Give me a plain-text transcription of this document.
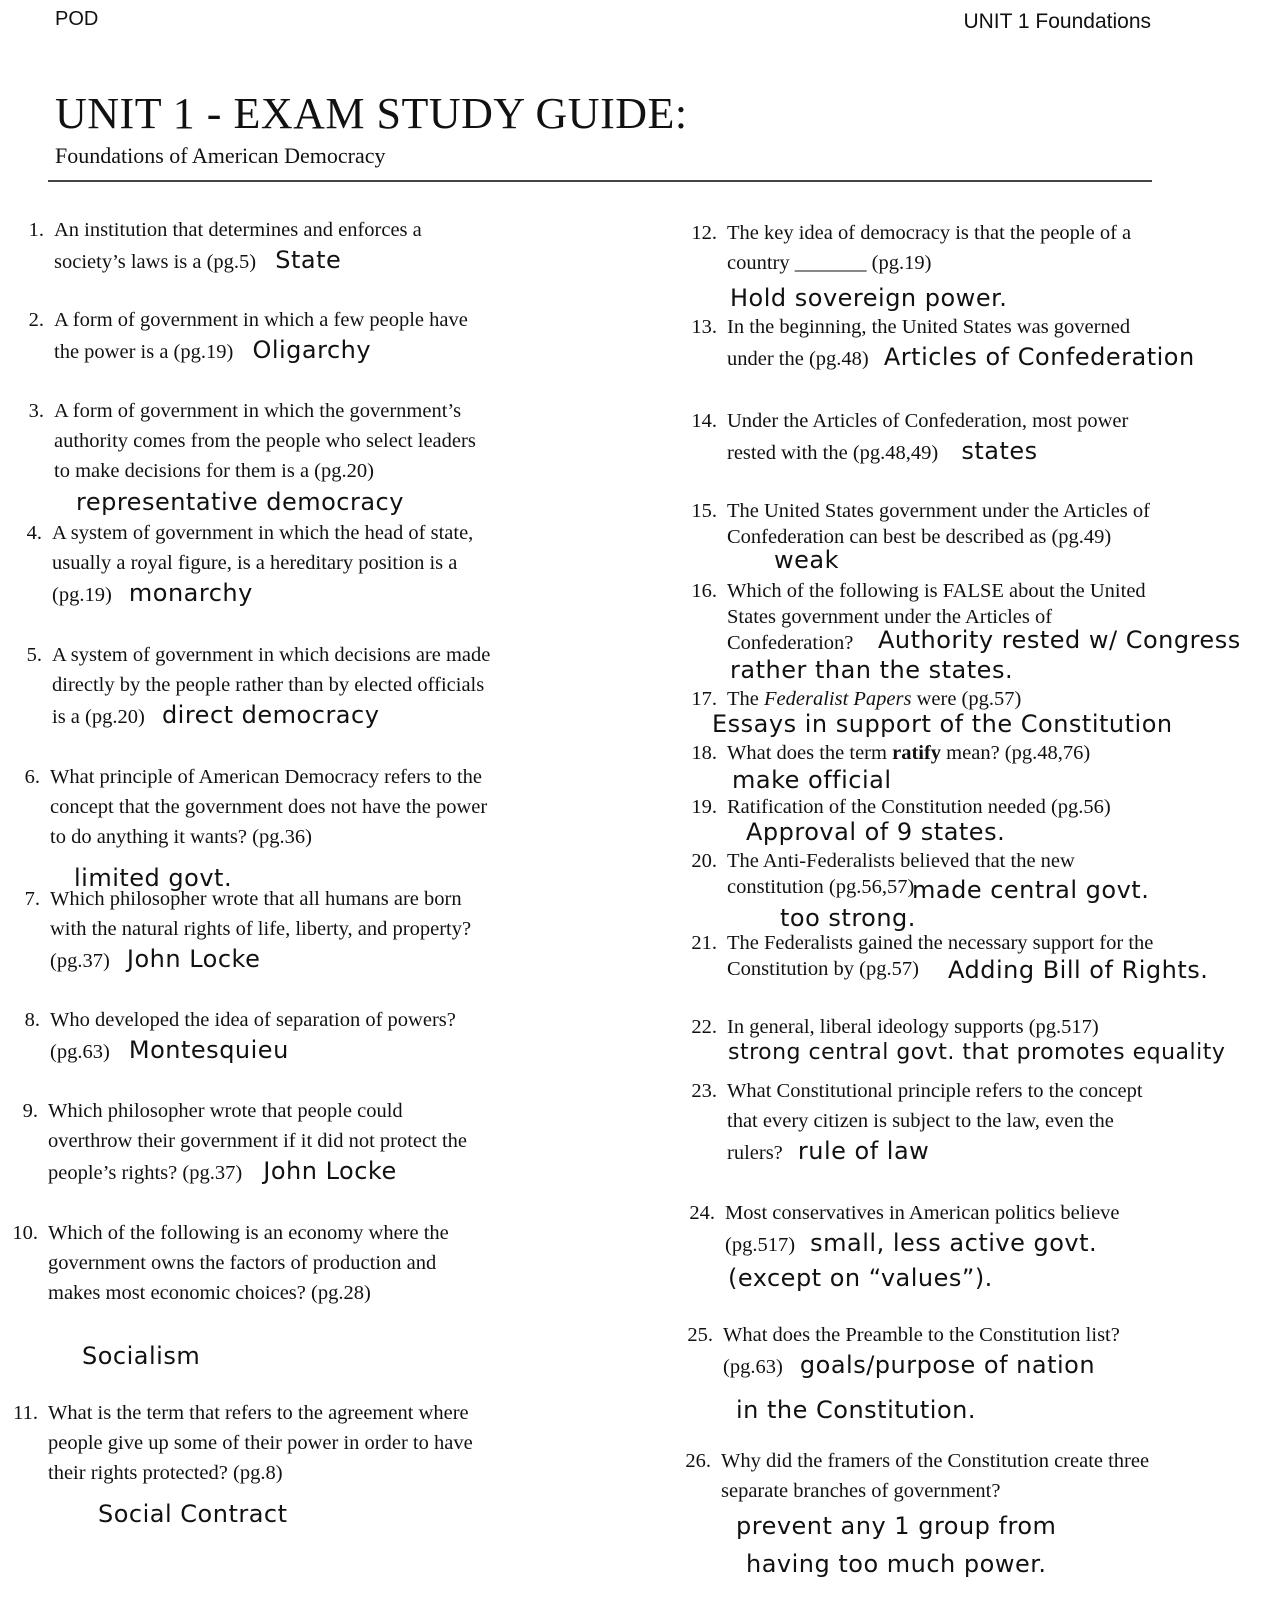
POD	UNIT 1 Foundations
UNIT 1 - EXAM STUDY GUIDE:
Foundations of American Democracy
1. An institution that determines and enforces a
society’s laws is a (pg.5) State
2. A form of government in which a few people have
the power is a (pg.19) Oligarchy
3. A form of government in which the government’s
authority comes from the people who select leaders
to make decisions for them is a (pg.20)
representative democracy
4. A system of government in which the head of state,
usually a royal figure, is a hereditary position is a
(pg.19) monarchy
5. A system of government in which decisions are made
directly by the people rather than by elected officials
is a (pg.20) direct democracy
6. What principle of American Democracy refers to the
concept that the government does not have the power
to do anything it wants? (pg.36)
limited govt.
7. Which philosopher wrote that all humans are born
with the natural rights of life, liberty, and property?
(pg.37) John Locke
8. Who developed the idea of separation of powers?
(pg.63) Montesquieu
9. Which philosopher wrote that people could
overthrow their government if it did not protect the
people’s rights? (pg.37) John Locke
10. Which of the following is an economy where the
government owns the factors of production and
makes most economic choices? (pg.28)
Socialism
11. What is the term that refers to the agreement where
people give up some of their power in order to have
their rights protected? (pg.8)
Social Contract
12. The key idea of democracy is that the people of a
country _______ (pg.19)
Hold sovereign power.
13. In the beginning, the United States was governed
under the (pg.48) Articles of Confederation
14. Under the Articles of Confederation, most power
rested with the (pg.48,49) states
15. The United States government under the Articles of
Confederation can best be described as (pg.49)
weak
16. Which of the following is FALSE about the United
States government under the Articles of
Confederation?	Authority rested w/ Congress
rather than the states.
17. The Federalist Papers were (pg.57)
Essays in support of the Constitution
18. What does the term ratify mean? (pg.48,76)
make official
19. Ratification of the Constitution needed (pg.56)
Approval of 9 states.
20. The Anti-Federalists believed that the new
constitution (pg.56,57)
made central govt.
too strong.
21. The Federalists gained the necessary support for the
Constitution by (pg.57)	Adding Bill of Rights.
22. In general, liberal ideology supports (pg.517)
strong central govt. that promotes equality
23. What Constitutional principle refers to the concept
that every citizen is subject to the law, even the
rulers? rule of law
24. Most conservatives in American politics believe
(pg.517) small, less active govt.
(except on “values”).
25. What does the Preamble to the Constitution list?
(pg.63) goals/purpose of nation
in the Constitution.
26. Why did the framers of the Constitution create three
separate branches of government?
prevent any 1 group from
having too much power.
